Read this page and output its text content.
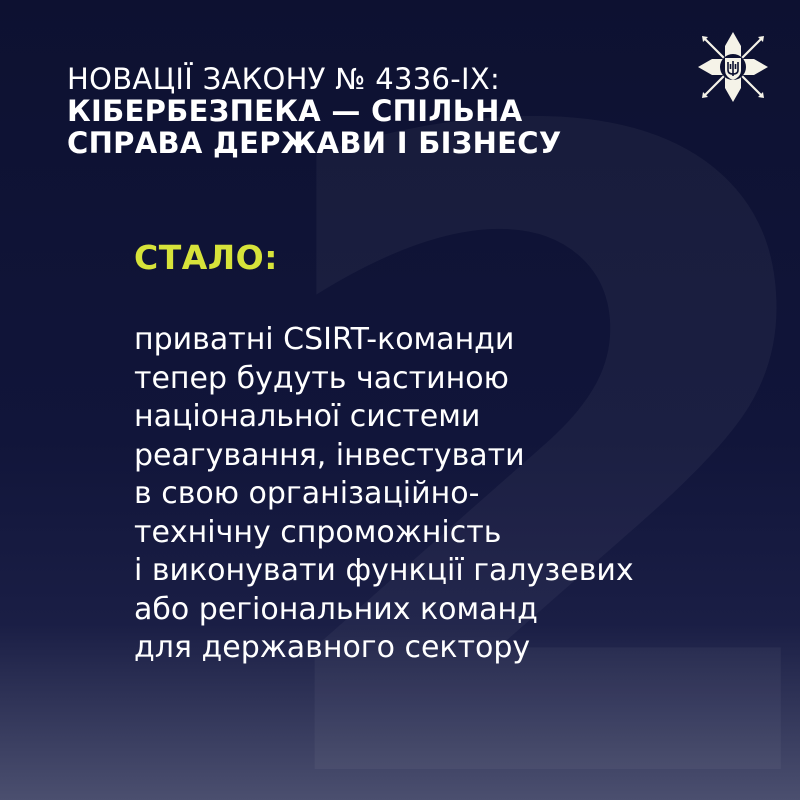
НОВАЦІЇ ЗАКОНУ № 4336-IX:
КІБЕРБЕЗПЕКА — СПІЛЬНА
СПРАВА ДЕРЖАВИ І БІЗНЕСУ
СТАЛО:
приватні CSIRT-команди
тепер будуть частиною
національної системи
реагування, інвестувати
в свою організаційно-
технічну спроможність
і виконувати функції галузевих
або регіональних команд
для державного сектору
